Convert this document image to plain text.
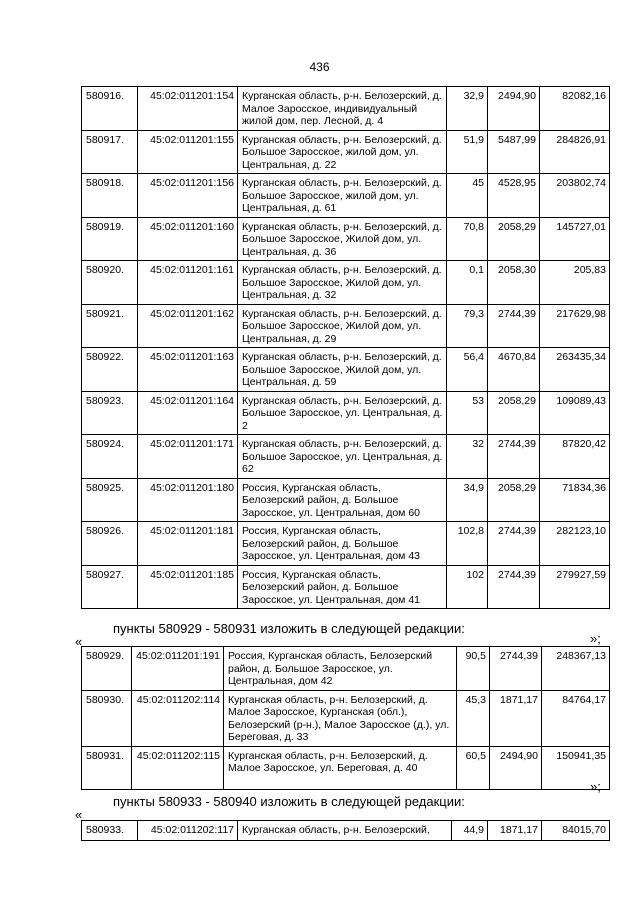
436
580916.	45:02:011201:154	Курганская область, р-н. Белозерский, д. Малое Заросское, индивидуальный жилой дом, пер. Лесной, д. 4	32,9	2494,90	82082,16
580917.	45:02:011201:155	Курганская область, р-н. Белозерский, д. Большое Заросское, жилой дом, ул. Центральная, д. 22	51,9	5487,99	284826,91
580918.	45:02:011201:156	Курганская область, р-н. Белозерский, д. Большое Заросское, жилой дом, ул. Центральная, д. 61	45	4528,95	203802,74
580919.	45:02:011201:160	Курганская область, р-н. Белозерский, д. Большое Заросское, Жилой дом, ул. Центральная, д. 36	70,8	2058,29	145727,01
580920.	45:02:011201:161	Курганская область, р-н. Белозерский, д. Большое Заросское, Жилой дом, ул. Центральная, д. 32	0,1	2058,30	205,83
580921.	45:02:011201:162	Курганская область, р-н. Белозерский, д. Большое Заросское, Жилой дом, ул. Центральная, д. 29	79,3	2744,39	217629,98
580922.	45:02:011201:163	Курганская область, р-н. Белозерский, д. Большое Заросское, Жилой дом, ул. Центральная, д. 59	56,4	4670,84	263435,34
580923.	45:02:011201:164	Курганская область, р-н. Белозерский, д. Большое Заросское, ул. Центральная, д. 2	53	2058,29	109089,43
580924.	45:02:011201:171	Курганская область, р-н. Белозерский, д. Большое Заросское, ул. Центральная, д. 62	32	2744,39	87820,42
580925.	45:02:011201:180	Россия, Курганская область, Белозерский район, д. Большое Заросское, ул. Центральная, дом 60	34,9	2058,29	71834,36
580926.	45:02:011201:181	Россия, Курганская область, Белозерский район, д. Большое Заросское, ул. Центральная, дом 43	102,8	2744,39	282123,10
580927.	45:02:011201:185	Россия, Курганская область, Белозерский район, д. Большое Заросское, ул. Центральная, дом 41	102	2744,39	279927,59
»;
пункты 580929 - 580931 изложить в следующей редакции:
«
580929.	45:02:011201:191	Россия, Курганская область, Белозерский район, д. Большое Заросское, ул. Центральная, дом 42	90,5	2744,39	248367,13
580930.	45:02:011202:114	Курганская область, р-н. Белозерский, д. Малое Заросское, Курганская (обл.), Белозерский (р-н.), Малое Заросское (д.), ул. Береговая, д. 33	45,3	1871,17	84764,17
580931.	45:02:011202:115	Курганская область, р-н. Белозерский, д. Малое Заросское, ул. Береговая, д. 40	60,5	2494,90	150941,35
»;
пункты 580933 - 580940 изложить в следующей редакции:
«
580933.	45:02:011202:117	Курганская область, р-н. Белозерский,	44,9	1871,17	84015,70
